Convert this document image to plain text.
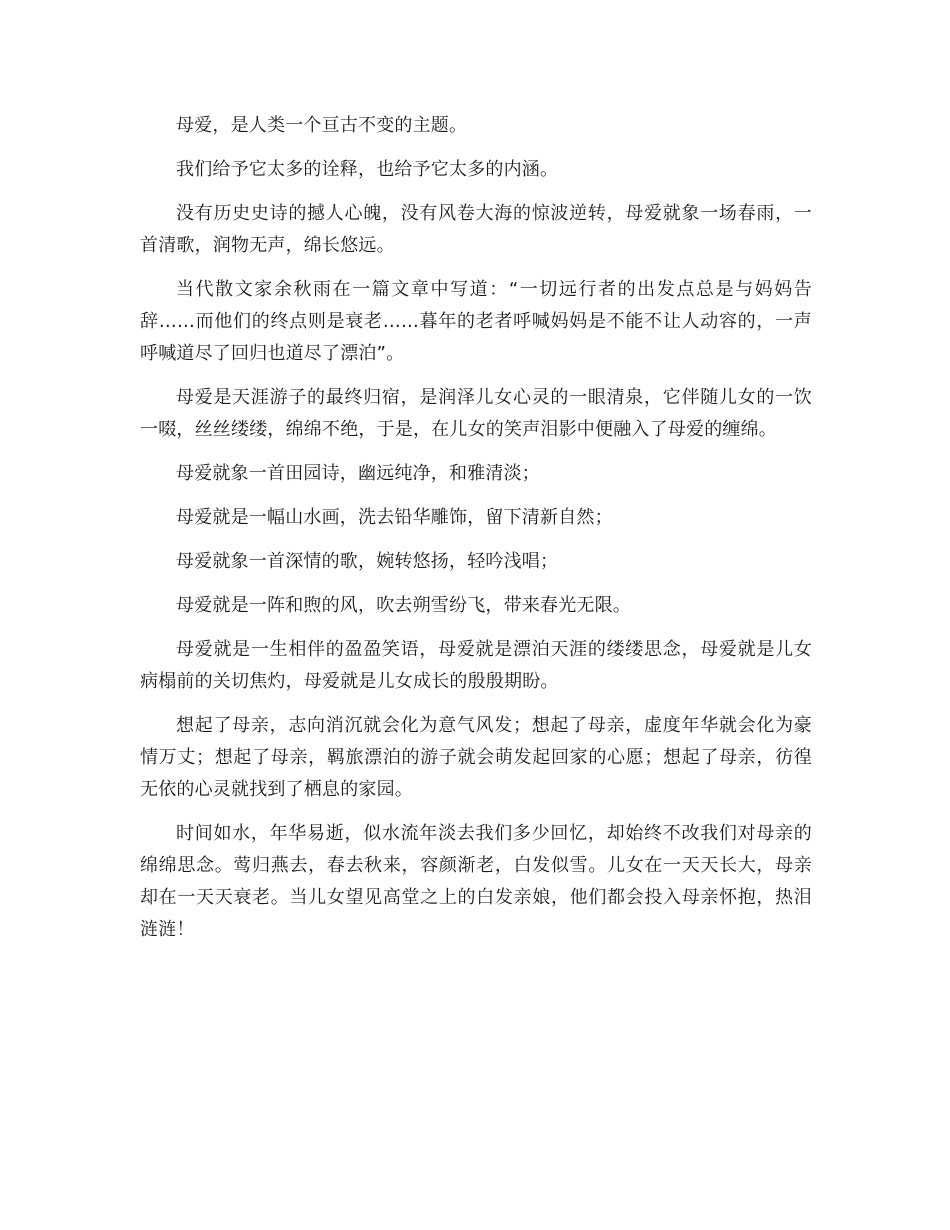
母爱，是人类一个亘古不变的主题。

我们给予它太多的诠释，也给予它太多的内涵。

没有历史史诗的撼人心魄，没有风卷大海的惊波逆转，母爱就象一场春雨，一首清歌，润物无声，绵长悠远。

当代散文家余秋雨在一篇文章中写道：“一切远行者的出发点总是与妈妈告辞……而他们的终点则是衰老……暮年的老者呼喊妈妈是不能不让人动容的，一声呼喊道尽了回归也道尽了漂泊”。

母爱是天涯游子的最终归宿，是润泽儿女心灵的一眼清泉，它伴随儿女的一饮一啜，丝丝缕缕，绵绵不绝，于是，在儿女的笑声泪影中便融入了母爱的缠绵。

母爱就象一首田园诗，幽远纯净，和雅清淡；

母爱就是一幅山水画，洗去铅华雕饰，留下清新自然；

母爱就象一首深情的歌，婉转悠扬，轻吟浅唱；

母爱就是一阵和煦的风，吹去朔雪纷飞，带来春光无限。

母爱就是一生相伴的盈盈笑语，母爱就是漂泊天涯的缕缕思念，母爱就是儿女病榻前的关切焦灼，母爱就是儿女成长的殷殷期盼。

想起了母亲，志向消沉就会化为意气风发；想起了母亲，虚度年华就会化为豪情万丈；想起了母亲，羁旅漂泊的游子就会萌发起回家的心愿；想起了母亲，彷徨无依的心灵就找到了栖息的家园。

时间如水，年华易逝，似水流年淡去我们多少回忆，却始终不改我们对母亲的绵绵思念。莺归燕去，春去秋来，容颜渐老，白发似雪。儿女在一天天长大，母亲却在一天天衰老。当儿女望见高堂之上的白发亲娘，他们都会投入母亲怀抱，热泪涟涟！
